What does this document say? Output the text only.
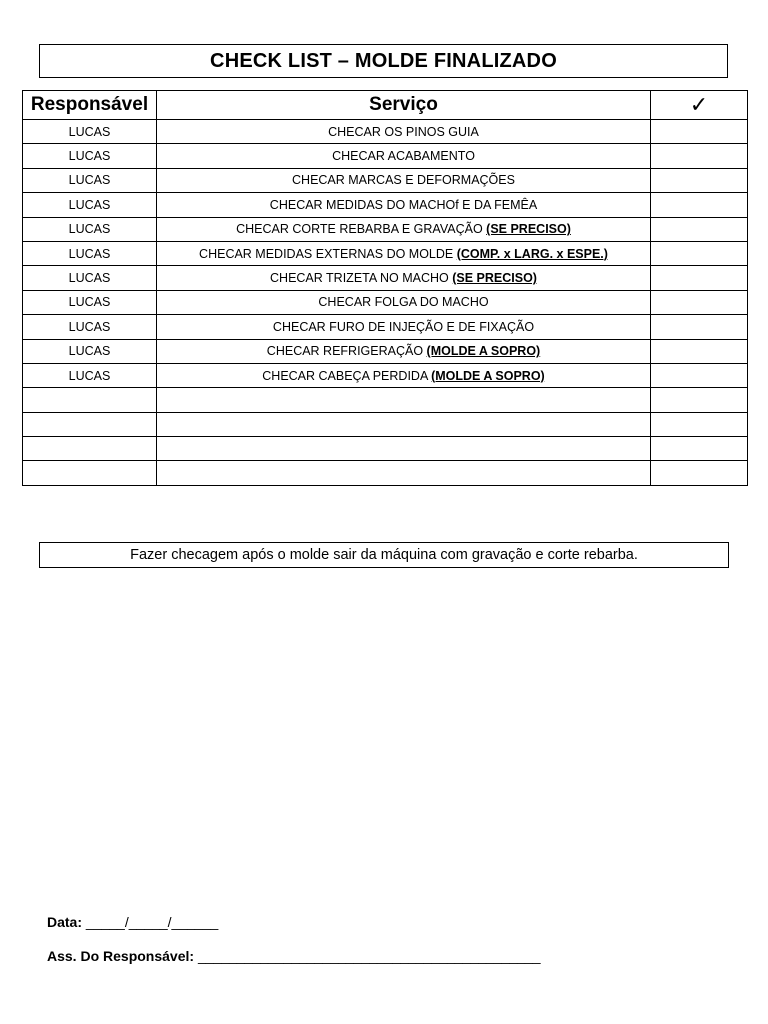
CHECK LIST – MOLDE FINALIZADO
Responsável	Serviço	✓
LUCAS	CHECAR OS PINOS GUIA	
LUCAS	CHECAR ACABAMENTO	
LUCAS	CHECAR MARCAS E DEFORMAÇÕES	
LUCAS	CHECAR MEDIDAS DO MACHOf E DA FEMÊA	
LUCAS	CHECAR CORTE REBARBA E GRAVAÇÃO (SE PRECISO)	
LUCAS	CHECAR MEDIDAS EXTERNAS DO MOLDE (COMP. x LARG. x ESPE.)	
LUCAS	CHECAR TRIZETA NO MACHO (SE PRECISO)	
LUCAS	CHECAR FOLGA DO MACHO	
LUCAS	CHECAR FURO DE INJEÇÃO E DE FIXAÇÃO	
LUCAS	CHECAR REFRIGERAÇÃO (MOLDE A SOPRO)	
LUCAS	CHECAR CABEÇA PERDIDA (MOLDE A SOPRO)	

Fazer checagem após o molde sair da máquina com gravação e corte rebarba.
Data: _____/_____/______
Ass. Do Responsável: ____________________________________________
